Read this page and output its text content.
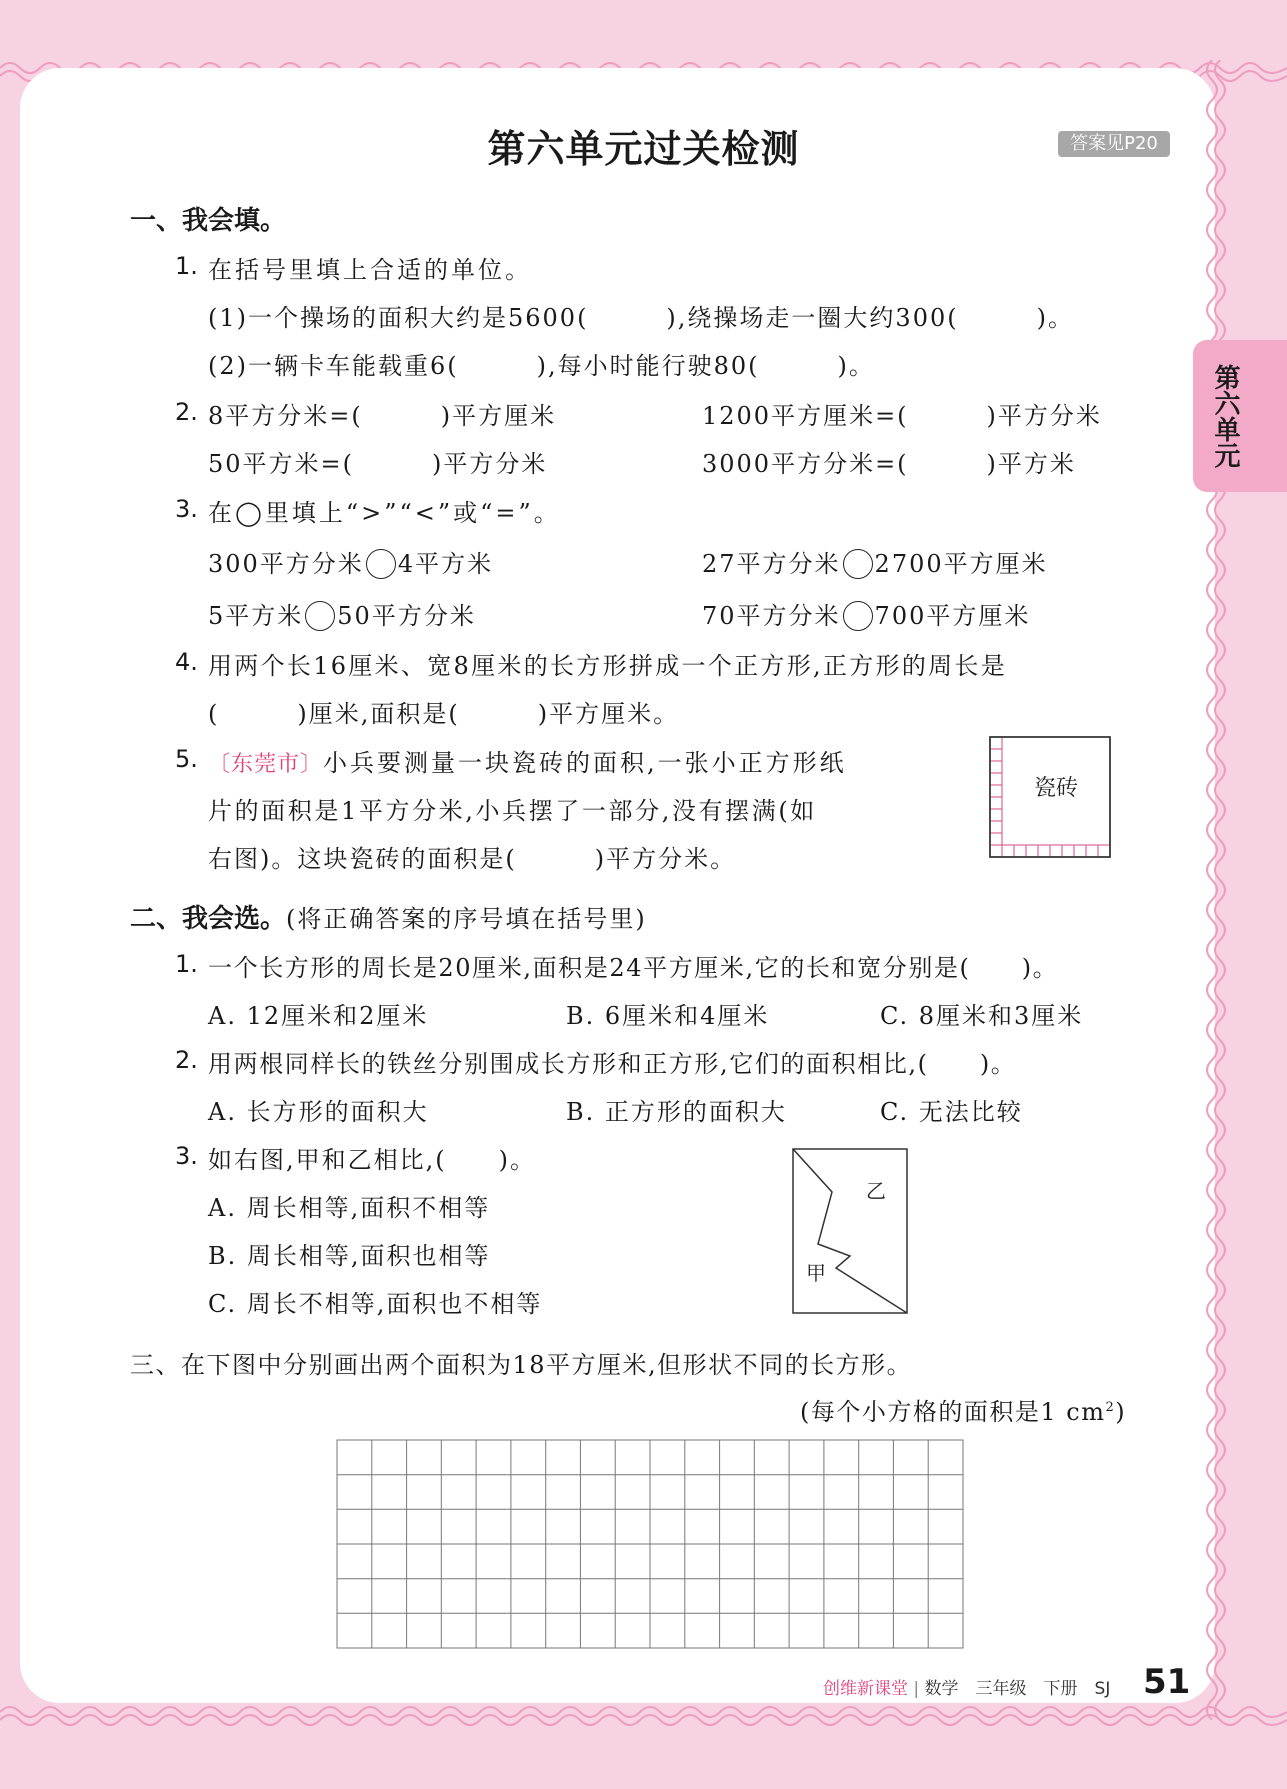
第六单元
第六单元过关检测	答案见P20
一、我会填。
1. 在括号里填上合适的单位。
(1)一个操场的面积大约是5600(　　　),绕操场走一圈大约300(　　　)。
(2)一辆卡车能载重6(　　　),每小时能行驶80(　　　)。
2. 8平方分米=(　　　)平方厘米	1200平方厘米=(　　　)平方分米
50平方米=(　　　)平方分米	3000平方分米=(　　　)平方米
3. 在◯里填上“>”“<”或“=”。
300平方分米 4平方米	27平方分米 2700平方厘米
5平方米 50平方分米	70平方分米 700平方厘米
4. 用两个长16厘米、宽8厘米的长方形拼成一个正方形,正方形的周长是
(　　　)厘米,面积是(　　　)平方厘米。
5. 〔东莞市〕小兵要测量一块瓷砖的面积,一张小正方形纸
片的面积是1平方分米,小兵摆了一部分,没有摆满(如
右图)。这块瓷砖的面积是(　　　)平方分米。
瓷砖
二、我会选。(将正确答案的序号填在括号里)
1. 一个长方形的周长是20厘米,面积是24平方厘米,它的长和宽分别是(　　)。
A. 12厘米和2厘米	B. 6厘米和4厘米	C. 8厘米和3厘米
2. 用两根同样长的铁丝分别围成长方形和正方形,它们的面积相比,(　　)。
A. 长方形的面积大	B. 正方形的面积大	C. 无法比较
3. 如右图,甲和乙相比,(　　)。
A. 周长相等,面积不相等
B. 周长相等,面积也相等
C. 周长不相等,面积也不相等
乙
甲
三、在下图中分别画出两个面积为18平方厘米,但形状不同的长方形。
(每个小方格的面积是1 $cm^2$)
创维新课堂 | 数学　三年级　下册　SJ 51
